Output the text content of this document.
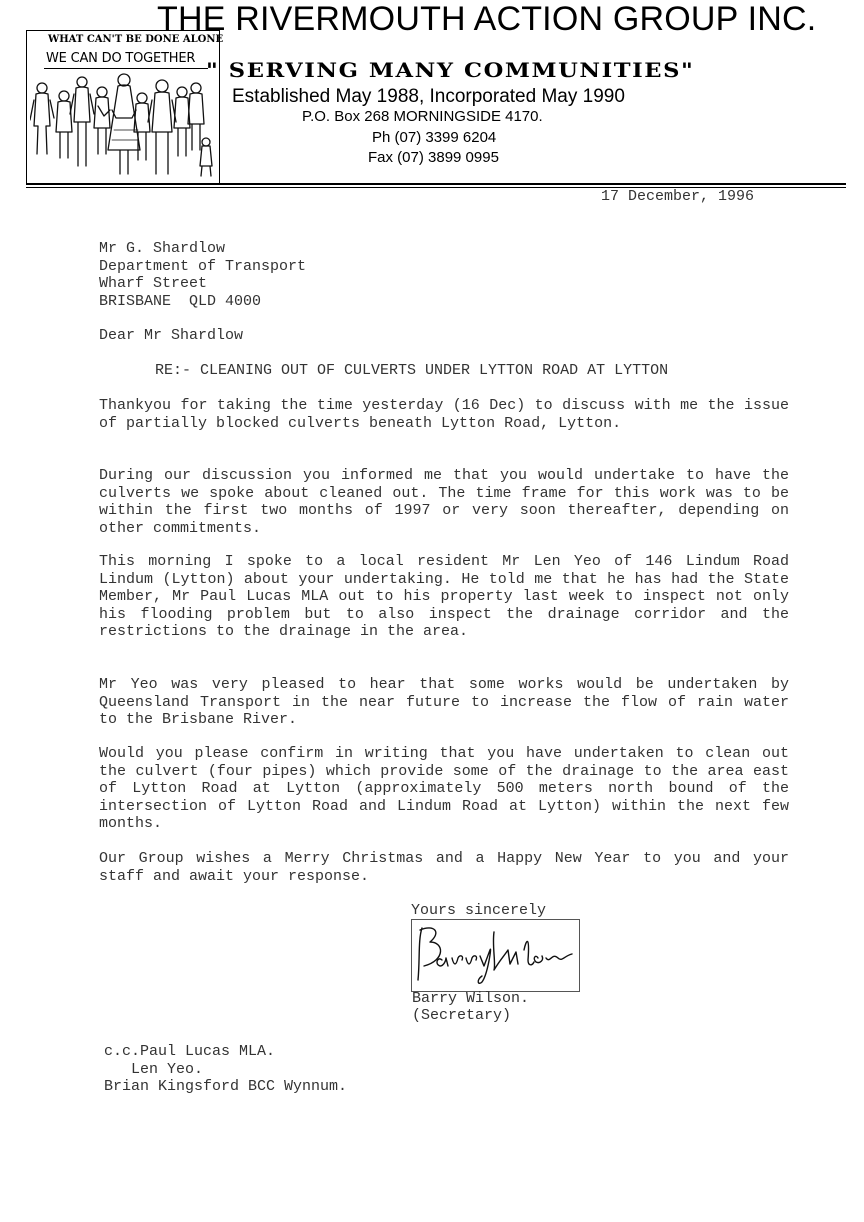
THE RIVERMOUTH ACTION GROUP INC.
WHAT CAN'T BE DONE ALONE
WE CAN DO TOGETHER " SERVING MANY COMMUNITIES"
Established May 1988, Incorporated May 1990
P.O. Box 268 MORNINGSIDE 4170.
Ph (07) 3399 6204
Fax (07) 3899 0995
17 December, 1996
Mr G. Shardlow
Department of Transport
Wharf Street
BRISBANE  QLD 4000
Dear Mr Shardlow
RE:- CLEANING OUT OF CULVERTS UNDER LYTTON ROAD AT LYTTON
Thankyou for taking the time yesterday (16 Dec) to discuss with me the issue of partially blocked culverts beneath Lytton Road, Lytton.
During our discussion you informed me that you would undertake to have the culverts we spoke about cleaned out. The time frame for this work was to be within the first two months of 1997 or very soon thereafter, depending on other commitments.
This morning I spoke to a local resident Mr Len Yeo of 146 Lindum Road Lindum (Lytton) about your undertaking. He told me that he has had the State Member, Mr Paul Lucas MLA out to his property last week to inspect not only his flooding problem but to also inspect the drainage corridor and the restrictions to the drainage in the area.
Mr Yeo was very pleased to hear that some works would be undertaken by Queensland Transport in the near future to increase the flow of rain water to the Brisbane River.
Would you please confirm in writing that you have undertaken to clean out the culvert (four pipes) which provide some of the drainage to the area east of Lytton Road at Lytton (approximately 500 meters north bound of the intersection of Lytton Road and Lindum Road at Lytton) within the next few months.
Our Group wishes a Merry Christmas and a Happy New Year to you and your staff and await your response.
Yours sincerely
Barry Wilson.
(Secretary)
c.c.Paul Lucas MLA.
Len Yeo.
Brian Kingsford BCC Wynnum.
